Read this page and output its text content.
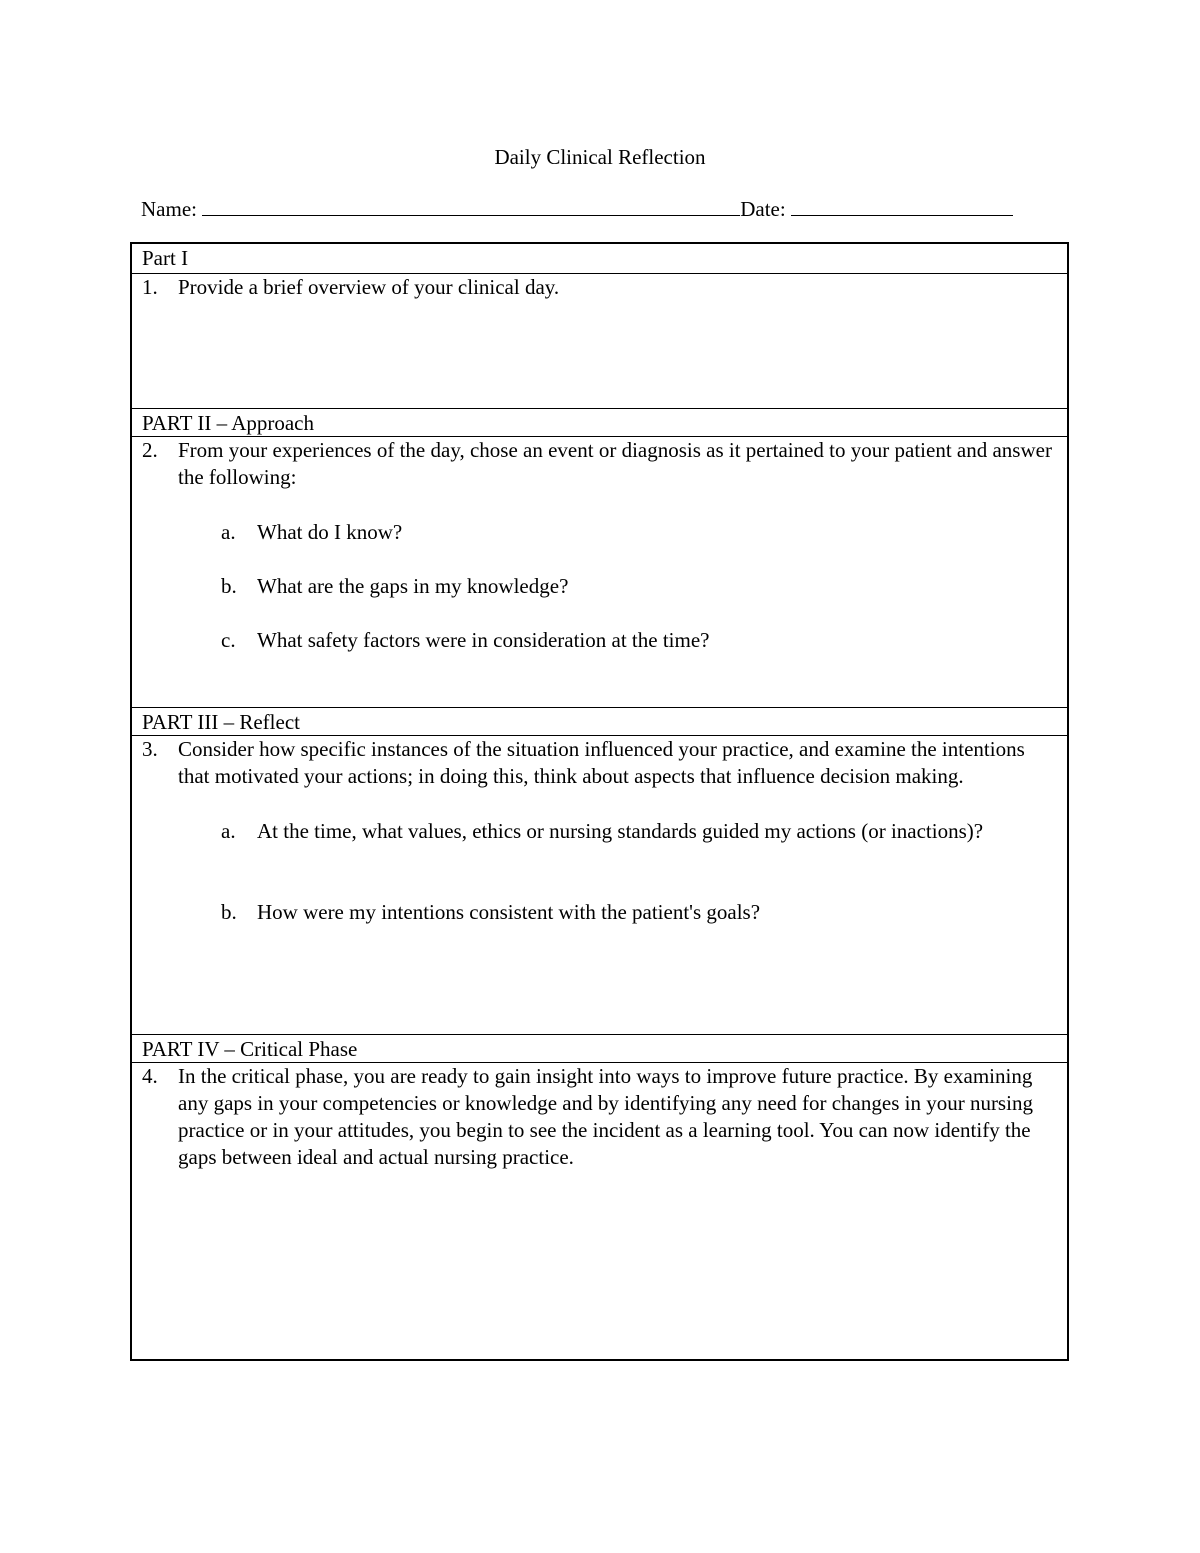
Daily Clinical Reflection
Name:	Date:
Part I
1. Provide a brief overview of your clinical day.
PART II – Approach
2. From your experiences of the day, chose an event or diagnosis as it pertained to your patient and answer the following:
a.	What do I know?
b. What are the gaps in my knowledge?
c.	What safety factors were in consideration at the time?
PART III – Reflect
3. Consider how specific instances of the situation influenced your practice, and examine the intentions that motivated your actions; in doing this, think about aspects that influence decision making.
a.	At the time, what values, ethics or nursing standards guided my actions (or inactions)?
b. How were my intentions consistent with the patient's goals?
PART IV – Critical Phase
4. In the critical phase, you are ready to gain insight into ways to improve future practice. By examining any gaps in your competencies or knowledge and by identifying any need for changes in your nursing practice or in your attitudes, you begin to see the incident as a learning tool. You can now identify the gaps between ideal and actual nursing practice.
